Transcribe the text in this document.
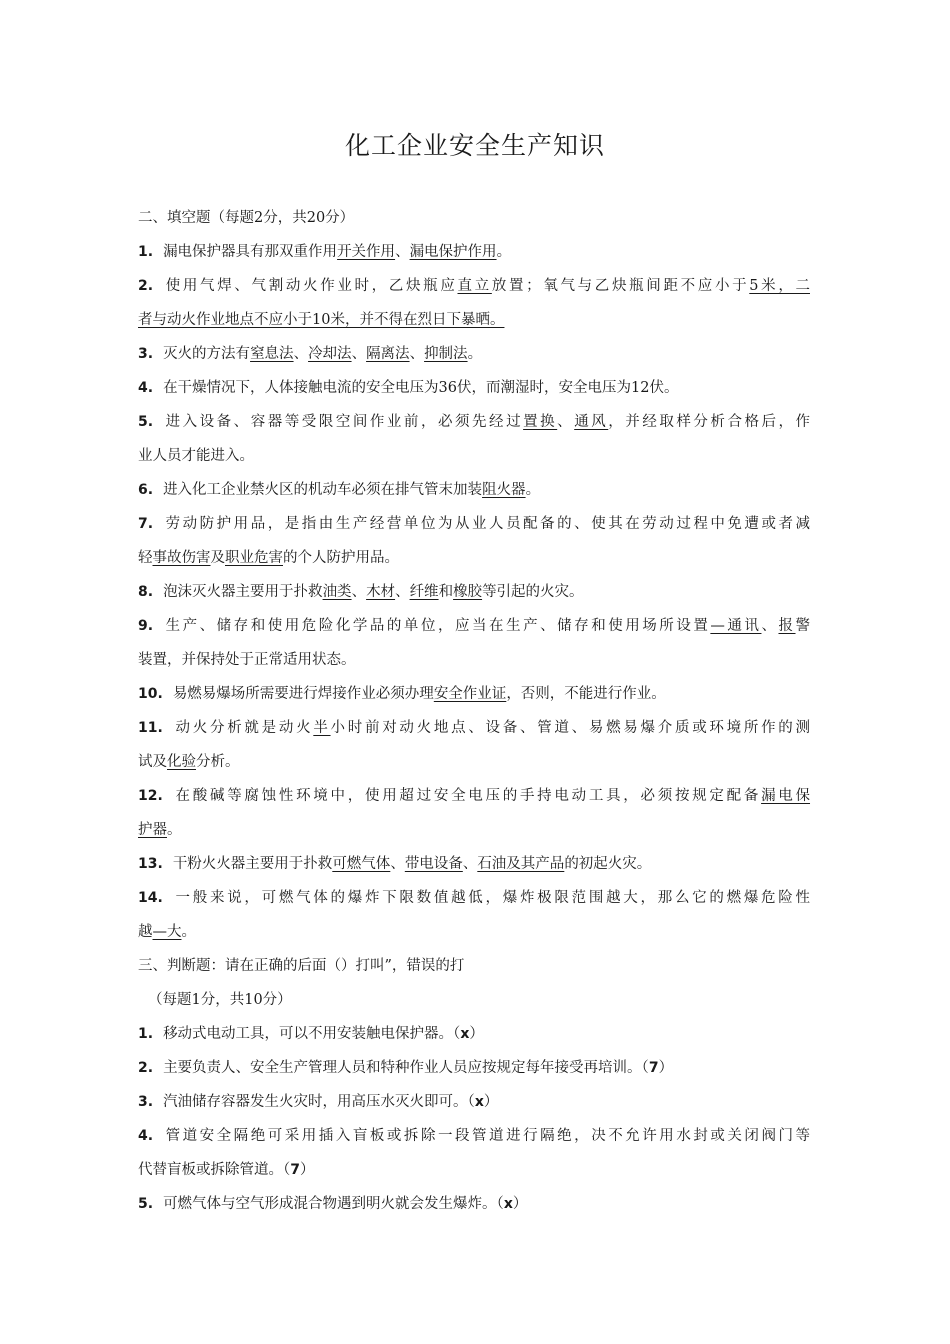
化工企业安全生产知识
二、填空题（每题2分，共20分）
1. 漏电保护器具有那双重作用开关作用、漏电保护作用。
2. 使用气焊、气割动火作业时，乙炔瓶应直立放置；氧气与乙炔瓶间距不应小于5米，二
者与动火作业地点不应小于10米，并不得在烈日下暴晒。
3. 灭火的方法有窒息法、冷却法、隔离法、抑制法。
4. 在干燥情况下，人体接触电流的安全电压为36伏，而潮湿时，安全电压为12伏。
5. 进入设备、容器等受限空间作业前，必须先经过置换、通风，并经取样分析合格后，作
业人员才能进入。
6. 进入化工企业禁火区的机动车必须在排气管末加装阻火器。
7. 劳动防护用品，是指由生产经营单位为从业人员配备的、使其在劳动过程中免遭或者减
轻事故伤害及职业危害的个人防护用品。
8. 泡沫灭火器主要用于扑救油类、木材、纤维和橡胶等引起的火灾。
9. 生产、储存和使用危险化学品的单位，应当在生产、储存和使用场所设置—通讯、报警
装置，并保持处于正常适用状态。
10. 易燃易爆场所需要进行焊接作业必须办理安全作业证，否则，不能进行作业。
11. 动火分析就是动火半小时前对动火地点、设备、管道、易燃易爆介质或环境所作的测
试及化验分析。
12. 在酸碱等腐蚀性环境中，使用超过安全电压的手持电动工具，必须按规定配备漏电保
护器。
13. 干粉火火器主要用于扑救可燃气体、带电设备、石油及其产品的初起火灾。
14. 一般来说，可燃气体的爆炸下限数值越低，爆炸极限范围越大，那么它的燃爆危险性
越—大。
三、判断题：请在正确的后面（）打叫”，错误的打
（每题1分，共10分）
1. 移动式电动工具，可以不用安装触电保护器。（x）
2. 主要负责人、安全生产管理人员和特种作业人员应按规定每年接受再培训。（7）
3. 汽油储存容器发生火灾时，用高压水灭火即可。（x）
4. 管道安全隔绝可采用插入盲板或拆除一段管道进行隔绝，决不允许用水封或关闭阀门等
代替盲板或拆除管道。（7）
5. 可燃气体与空气形成混合物遇到明火就会发生爆炸。（x）
